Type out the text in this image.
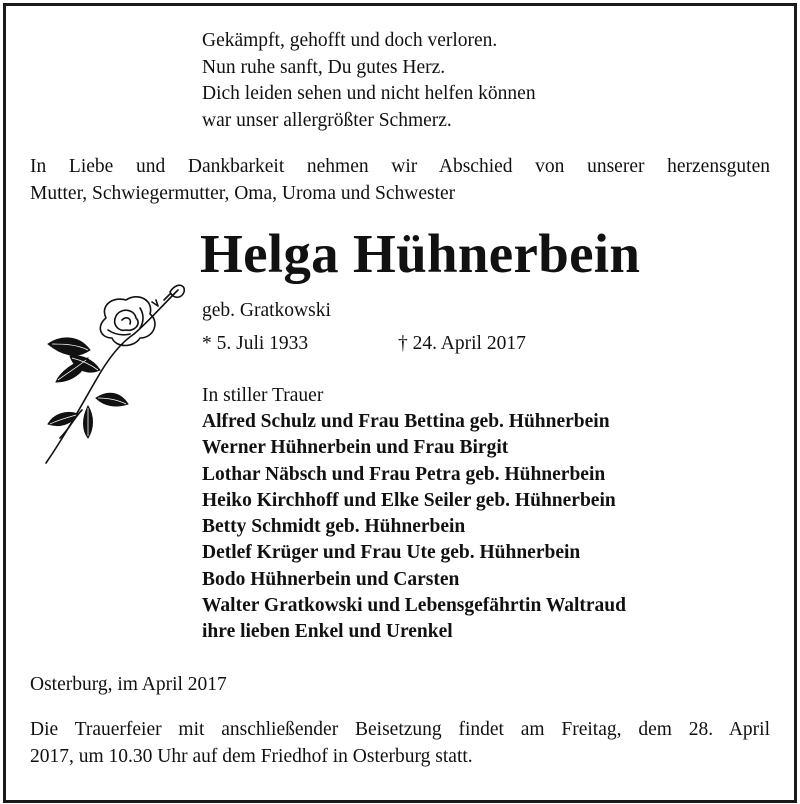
Gekämpft, gehofft und doch verloren.
Nun ruhe sanft, Du gutes Herz.
Dich leiden sehen und nicht helfen können
war unser allergrößter Schmerz.
In Liebe und Dankbarkeit nehmen wir Abschied von unserer herzensguten
Mutter, Schwiegermutter, Oma, Uroma und Schwester
Helga Hühnerbein
geb. Gratkowski
* 5. Juli 1933	† 24. April 2017
In stiller Trauer
Alfred Schulz und Frau Bettina geb. Hühnerbein
Werner Hühnerbein und Frau Birgit
Lothar Näbsch und Frau Petra geb. Hühnerbein
Heiko Kirchhoff und Elke Seiler geb. Hühnerbein
Betty Schmidt geb. Hühnerbein
Detlef Krüger und Frau Ute geb. Hühnerbein
Bodo Hühnerbein und Carsten
Walter Gratkowski und Lebensgefährtin Waltraud
ihre lieben Enkel und Urenkel
Osterburg, im April 2017
Die Trauerfeier mit anschließender Beisetzung findet am Freitag, dem 28. April
2017, um 10.30 Uhr auf dem Friedhof in Osterburg statt.
